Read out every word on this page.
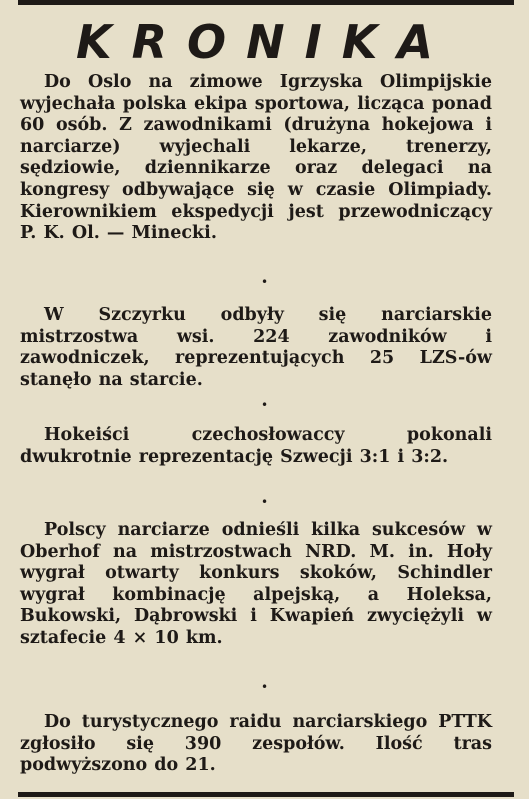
KRONIKA

Do Oslo na zimowe Igrzyska Olimpijskie wyjechała polska ekipa sportowa, licząca ponad 60 osób. Z zawodnikami (drużyna hokejowa i narciarze) wyjechali lekarze, trenerzy, sędziowie, dziennikarze oraz delegaci na kongresy odbywające się w czasie Olimpiady. Kierownikiem ekspedycji jest przewodniczący P. K. Ol. — Minecki.

•

W Szczyrku odbyły się narciarskie mistrzostwa wsi. 224 zawodników i zawodniczek, reprezentujących 25 LZS-ów stanęło na starcie.

•

Hokeiści czechosłowaccy pokonali dwukrotnie reprezentację Szwecji 3:1 i 3:2.

•

Polscy narciarze odnieśli kilka sukcesów w Oberhof na mistrzostwach NRD. M. in. Hoły wygrał otwarty konkurs skoków, Schindler wygrał kombinację alpejską, a Holeksa, Bukowski, Dąbrowski i Kwapień zwyciężyli w sztafecie 4 × 10 km.

•

Do turystycznego raidu narciarskiego PTTK zgłosiło się 390 zespołów. Ilość tras podwyższono do 21.
